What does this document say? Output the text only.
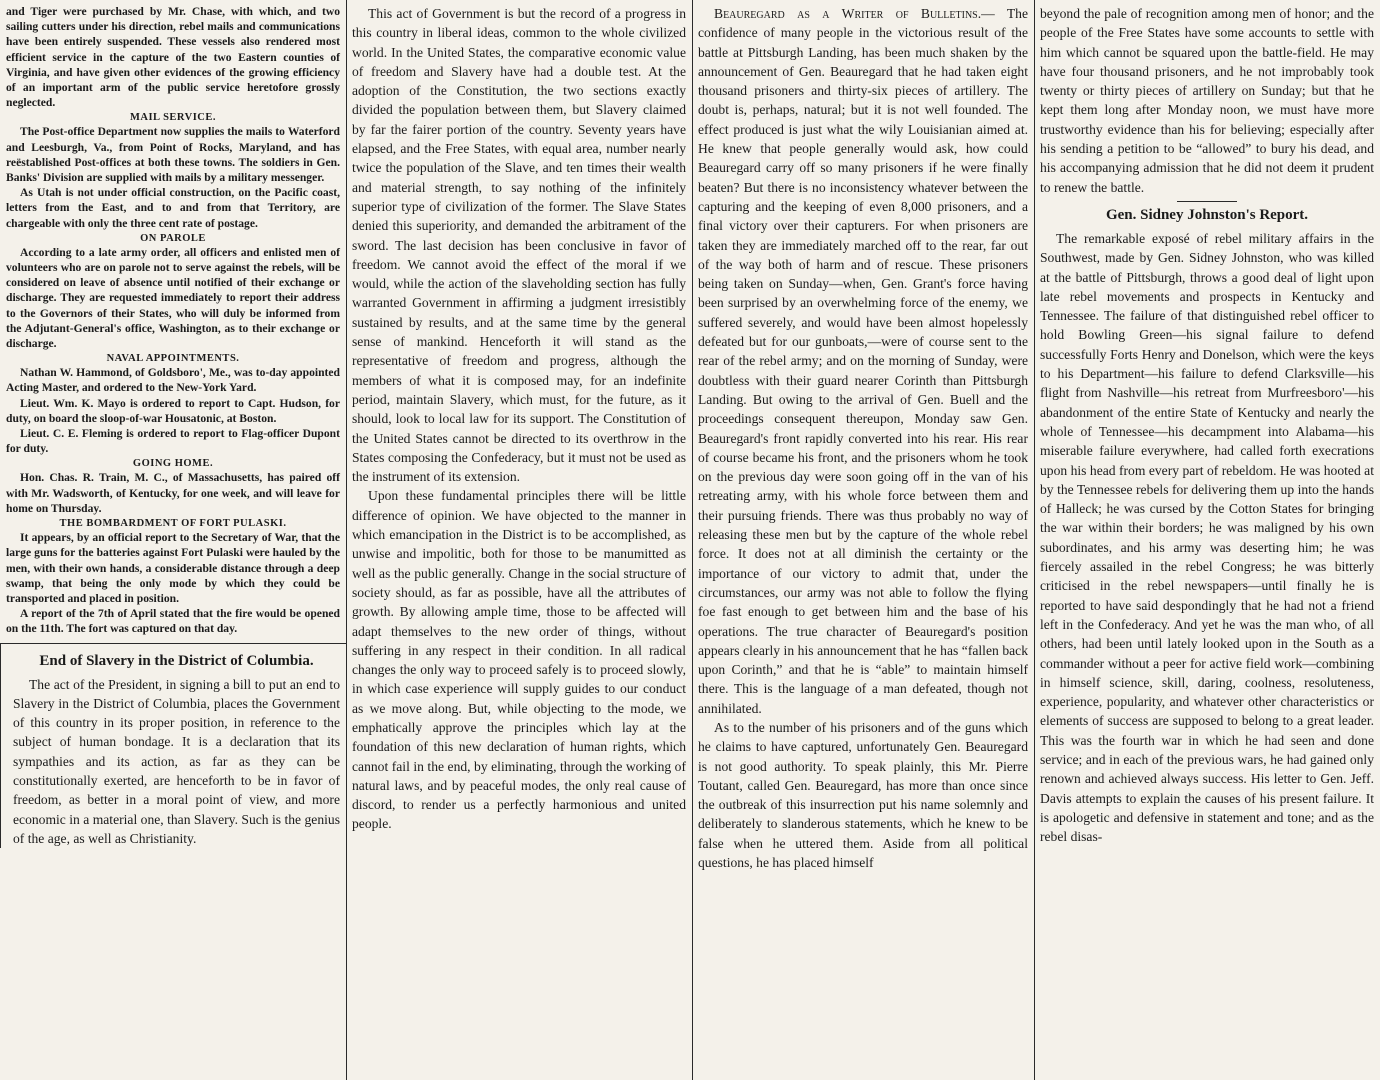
and Tiger were purchased by Mr. Chase, with which, and two sailing cutters under his direction, rebel mails and communications have been entirely suspended. These vessels also rendered most efficient service in the capture of the two Eastern counties of Virginia, and have given other evidences of the growing efficiency of an important arm of the public service heretofore grossly neglected.

MAIL SERVICE.

The Post-office Department now supplies the mails to Waterford and Leesburgh, Va., from Point of Rocks, Maryland, and has reëstablished Post-offices at both these towns. The soldiers in Gen. Banks' Division are supplied with mails by a military messenger.

As Utah is not under official construction, on the Pacific coast, letters from the East, and to and from that Territory, are chargeable with only the three cent rate of postage.

ON PAROLE

According to a late army order, all officers and enlisted men of volunteers who are on parole not to serve against the rebels, will be considered on leave of absence until notified of their exchange or discharge. They are requested immediately to report their address to the Governors of their States, who will duly be informed from the Adjutant-General's office, Washington, as to their exchange or discharge.

NAVAL APPOINTMENTS.

Nathan W. Hammond, of Goldsboro', Me., was to-day appointed Acting Master, and ordered to the New-York Yard.

Lieut. Wm. K. Mayo is ordered to report to Capt. Hudson, for duty, on board the sloop-of-war Housatonic, at Boston.

Lieut. C. E. Fleming is ordered to report to Flag-officer Dupont for duty.

GOING HOME.

Hon. Chas. R. Train, M. C., of Massachusetts, has paired off with Mr. Wadsworth, of Kentucky, for one week, and will leave for home on Thursday.

THE BOMBARDMENT OF FORT PULASKI.

It appears, by an official report to the Secretary of War, that the large guns for the batteries against Fort Pulaski were hauled by the men, with their own hands, a considerable distance through a deep swamp, that being the only mode by which they could be transported and placed in position.

A report of the 7th of April stated that the fire would be opened on the 11th. The fort was captured on that day.

End of Slavery in the District of Columbia.

The act of the President, in signing a bill to put an end to Slavery in the District of Columbia, places the Government of this country in its proper position, in reference to the subject of human bondage. It is a declaration that its sympathies and its action, as far as they can be constitutionally exerted, are henceforth to be in favor of freedom, as better in a moral point of view, and more economic in a material one, than Slavery. Such is the genius of the age, as well as Christianity.

This act of Government is but the record of a progress in this country in liberal ideas, common to the whole civilized world. In the United States, the comparative economic value of freedom and Slavery have had a double test. At the adoption of the Constitution, the two sections exactly divided the population between them, but Slavery claimed by far the fairer portion of the country. Seventy years have elapsed, and the Free States, with equal area, number nearly twice the population of the Slave, and ten times their wealth and material strength, to say nothing of the infinitely superior type of civilization of the former. The Slave States denied this superiority, and demanded the arbitrament of the sword. The last decision has been conclusive in favor of freedom. We cannot avoid the effect of the moral if we would, while the action of the slaveholding section has fully warranted Government in affirming a judgment irresistibly sustained by results, and at the same time by the general sense of mankind. Henceforth it will stand as the representative of freedom and progress, although the members of what it is composed may, for an indefinite period, maintain Slavery, which must, for the future, as it should, look to local law for its support. The Constitution of the United States cannot be directed to its overthrow in the States composing the Confederacy, but it must not be used as the instrument of its extension.

Upon these fundamental principles there will be little difference of opinion. We have objected to the manner in which emancipation in the District is to be accomplished, as unwise and impolitic, both for those to be manumitted as well as the public generally. Change in the social structure of society should, as far as possible, have all the attributes of growth. By allowing ample time, those to be affected will adapt themselves to the new order of things, without suffering in any respect in their condition. In all radical changes the only way to proceed safely is to proceed slowly, in which case experience will supply guides to our conduct as we move along. But, while objecting to the mode, we emphatically approve the principles which lay at the foundation of this new declaration of human rights, which cannot fail in the end, by eliminating, through the working of natural laws, and by peaceful modes, the only real cause of discord, to render us a perfectly harmonious and united people.

Beauregard as a Writer of Bulletins.— The confidence of many people in the victorious result of the battle at Pittsburgh Landing, has been much shaken by the announcement of Gen. Beauregard that he had taken eight thousand prisoners and thirty-six pieces of artillery. The doubt is, perhaps, natural; but it is not well founded. The effect produced is just what the wily Louisianian aimed at. He knew that people generally would ask, how could Beauregard carry off so many prisoners if he were finally beaten? But there is no inconsistency whatever between the capturing and the keeping of even 8,000 prisoners, and a final victory over their capturers. For when prisoners are taken they are immediately marched off to the rear, far out of the way both of harm and of rescue. These prisoners being taken on Sunday—when, Gen. Grant's force having been surprised by an overwhelming force of the enemy, we suffered severely, and would have been almost hopelessly defeated but for our gunboats,—were of course sent to the rear of the rebel army; and on the morning of Sunday, were doubtless with their guard nearer Corinth than Pittsburgh Landing. But owing to the arrival of Gen. Buell and the proceedings consequent thereupon, Monday saw Gen. Beauregard's front rapidly converted into his rear. His rear of course became his front, and the prisoners whom he took on the previous day were soon going off in the van of his retreating army, with his whole force between them and their pursuing friends. There was thus probably no way of releasing these men but by the capture of the whole rebel force. It does not at all diminish the certainty or the importance of our victory to admit that, under the circumstances, our army was not able to follow the flying foe fast enough to get between him and the base of his operations. The true character of Beauregard's position appears clearly in his announcement that he has “fallen back upon Corinth,” and that he is “able” to maintain himself there. This is the language of a man defeated, though not annihilated.

As to the number of his prisoners and of the guns which he claims to have captured, unfortunately Gen. Beauregard is not good authority. To speak plainly, this Mr. Pierre Toutant, called Gen. Beauregard, has more than once since the outbreak of this insurrection put his name solemnly and deliberately to slanderous statements, which he knew to be false when he uttered them. Aside from all political questions, he has placed himself

beyond the pale of recognition among men of honor; and the people of the Free States have some accounts to settle with him which cannot be squared upon the battle-field. He may have four thousand prisoners, and he not improbably took twenty or thirty pieces of artillery on Sunday; but that he kept them long after Monday noon, we must have more trustworthy evidence than his for believing; especially after his sending a petition to be “allowed” to bury his dead, and his accompanying admission that he did not deem it prudent to renew the battle.

Gen. Sidney Johnston's Report.

The remarkable exposé of rebel military affairs in the Southwest, made by Gen. Sidney Johnston, who was killed at the battle of Pittsburgh, throws a good deal of light upon late rebel movements and prospects in Kentucky and Tennessee. The failure of that distinguished rebel officer to hold Bowling Green—his signal failure to defend successfully Forts Henry and Donelson, which were the keys to his Department—his failure to defend Clarksville—his flight from Nashville—his retreat from Murfreesboro'—his abandonment of the entire State of Kentucky and nearly the whole of Tennessee—his decampment into Alabama—his miserable failure everywhere, had called forth execrations upon his head from every part of rebeldom. He was hooted at by the Tennessee rebels for delivering them up into the hands of Halleck; he was cursed by the Cotton States for bringing the war within their borders; he was maligned by his own subordinates, and his army was deserting him; he was fiercely assailed in the rebel Congress; he was bitterly criticised in the rebel newspapers—until finally he is reported to have said despondingly that he had not a friend left in the Confederacy. And yet he was the man who, of all others, had been until lately looked upon in the South as a commander without a peer for active field work—combining in himself science, skill, daring, coolness, resoluteness, experience, popularity, and whatever other characteristics or elements of success are supposed to belong to a great leader. This was the fourth war in which he had seen and done service; and in each of the previous wars, he had gained only renown and achieved always success. His letter to Gen. Jeff. Davis attempts to explain the causes of his present failure. It is apologetic and defensive in statement and tone; and as the rebel disas-
